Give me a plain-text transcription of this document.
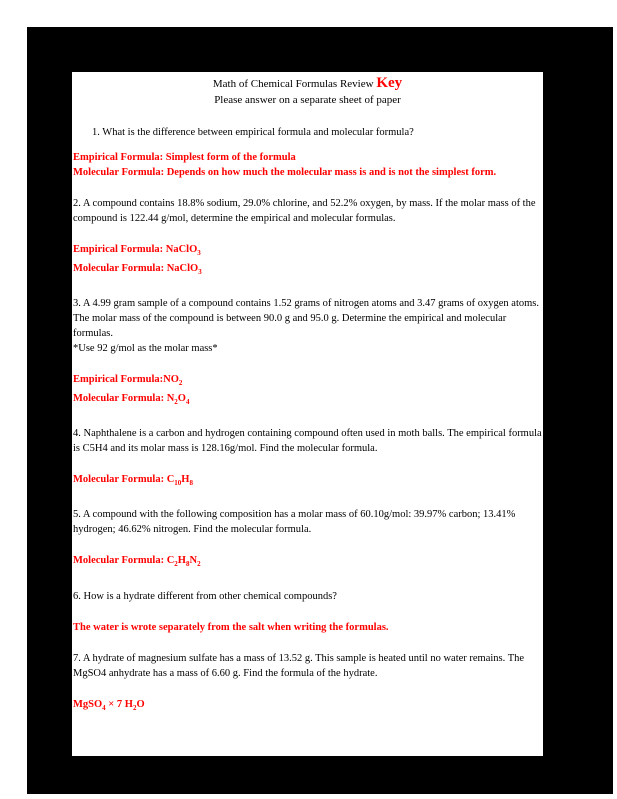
Math of Chemical Formulas Review Key
Please answer on a separate sheet of paper

1. What is the difference between empirical formula and molecular formula?

Empirical Formula: Simplest form of the formula

Molecular Formula: Depends on how much the molecular mass is and is not the simplest form.

2. A compound contains 18.8% sodium, 29.0% chlorine, and 52.2% oxygen, by mass. If the molar mass of the compound is 122.44 g/mol, determine the empirical and molecular formulas.

Empirical Formula: NaClO$_3$

Molecular Formula: NaClO$_3$

3. A 4.99 gram sample of a compound contains 1.52 grams of nitrogen atoms and 3.47 grams of oxygen atoms. The molar mass of the compound is between 90.0 g and 95.0 g. Determine the empirical and molecular formulas.

*Use 92 g/mol as the molar mass*

Empirical $Formula:NO_2$

Molecular Formula: $N_2O_4$

4. Naphthalene is a carbon and hydrogen containing compound often used in moth balls. The empirical formula is C5H4 and its molar mass is 128.16g/mol. Find the molecular formula.

Molecular Formula: $C_{10}H_8$

5. A compound with the following composition has a molar mass of 60.10g/mol: 39.97% carbon; 13.41% hydrogen; 46.62% nitrogen. Find the molecular formula.

Molecular Formula: $C_2H_8N_2$

6. How is a hydrate different from other chemical compounds?

The water is wrote separately from the salt when writing the formulas.

7. A hydrate of magnesium sulfate has a mass of 13.52 g. This sample is heated until no water remains. The MgSO4 anhydrate has a mass of 6.60 g. Find the formula of the hydrate.

MgSO$_4$ × 7 $H_2O$
